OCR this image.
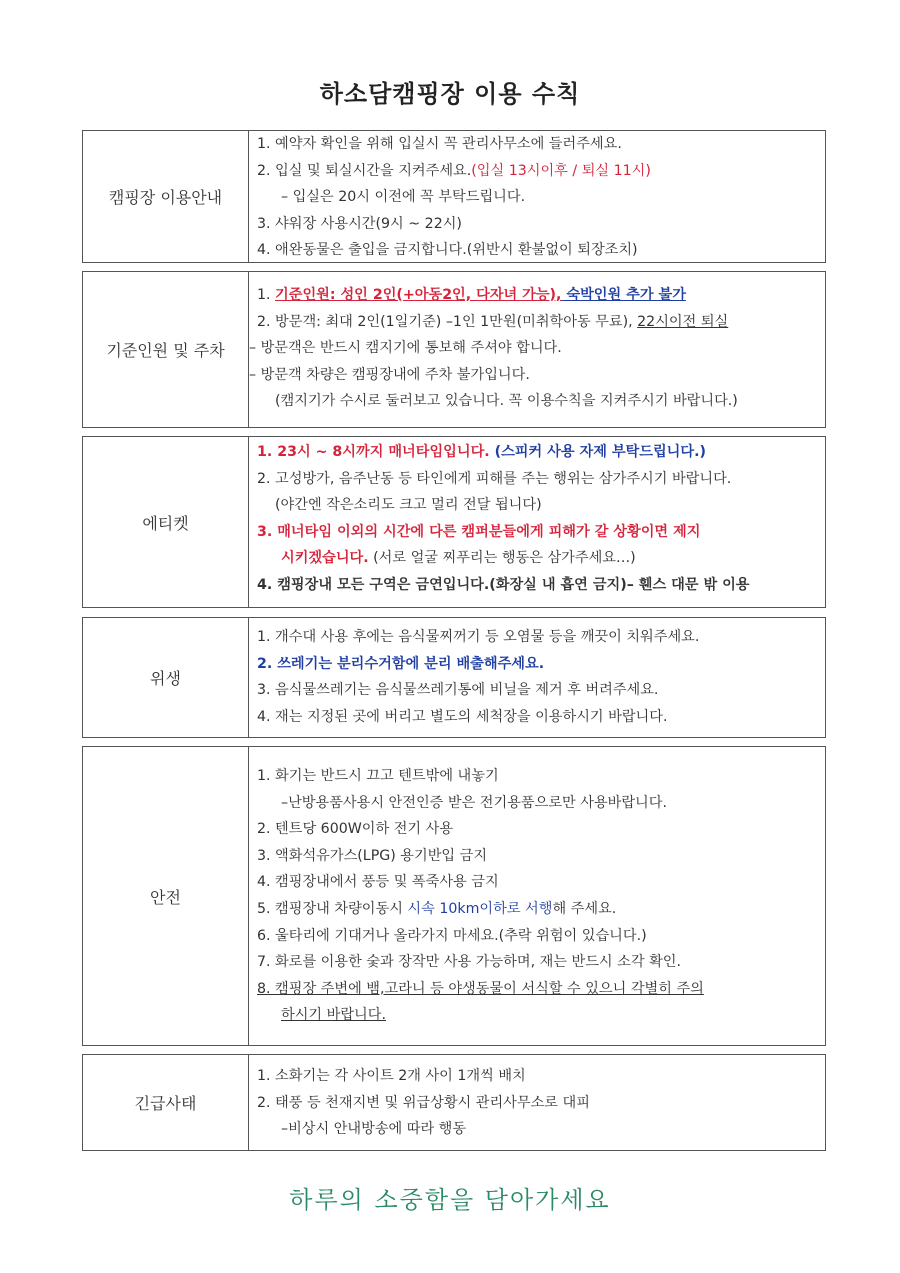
하소담캠핑장 이용 수칙
캠핑장 이용안내
1. 예약자 확인을 위해 입실시 꼭 관리사무소에 들러주세요.
2. 입실 및 퇴실시간을 지켜주세요.(입실 13시이후 / 퇴실 11시)
– 입실은 20시 이전에 꼭 부탁드립니다.
3. 샤워장 사용시간(9시 ~ 22시)
4. 애완동물은 출입을 금지합니다.(위반시 환불없이 퇴장조치)
기준인원 및 주차
1. 기준인원: 성인 2인(+아동2인, 다자녀 가능), 숙박인원 추가 불가
2. 방문객: 최대 2인(1일기준) –1인 1만원(미취학아동 무료), 22시이전 퇴실
– 방문객은 반드시 캠지기에 통보해 주셔야 합니다.
– 방문객 차량은 캠핑장내에 주차 불가입니다.
(캠지기가 수시로 둘러보고 있습니다. 꼭 이용수칙을 지켜주시기 바랍니다.)
에티켓
1. 23시 ~ 8시까지 매너타임입니다. (스피커 사용 자제 부탁드립니다.)
2. 고성방가, 음주난동 등 타인에게 피해를 주는 행위는 삼가주시기 바랍니다.
(야간엔 작은소리도 크고 멀리 전달 됩니다)
3. 매너타임 이외의 시간에 다른 캠퍼분들에게 피해가 갈 상황이면 제지
시키겠습니다. (서로 얼굴 찌푸리는 행동은 삼가주세요…)
4. 캠핑장내 모든 구역은 금연입니다.(화장실 내 흡연 금지)– 휀스 대문 밖 이용
위생
1. 개수대 사용 후에는 음식물찌꺼기 등 오염물 등을 깨끗이 치워주세요.
2. 쓰레기는 분리수거함에 분리 배출해주세요.
3. 음식물쓰레기는 음식물쓰레기통에 비닐을 제거 후 버려주세요.
4. 재는 지정된 곳에 버리고 별도의 세척장을 이용하시기 바랍니다.
안전
1. 화기는 반드시 끄고 텐트밖에 내놓기
–난방용품사용시 안전인증 받은 전기용품으로만 사용바랍니다.
2. 텐트당 600W이하 전기 사용
3. 액화석유가스(LPG) 용기반입 금지
4. 캠핑장내에서 풍등 및 폭죽사용 금지
5. 캠핑장내 차량이동시 시속 10km이하로 서행해 주세요.
6. 울타리에 기대거나 올라가지 마세요.(추락 위험이 있습니다.)
7. 화로를 이용한 숯과 장작만 사용 가능하며, 재는 반드시 소각 확인.
8. 캠핑장 주변에 뱀,고라니 등 야생동물이 서식할 수 있으니 각별히 주의
하시기 바랍니다.
긴급사태
1. 소화기는 각 사이트 2개 사이 1개씩 배치
2. 태풍 등 천재지변 및 위급상황시 관리사무소로 대피
–비상시 안내방송에 따라 행동
하루의 소중함을 담아가세요
